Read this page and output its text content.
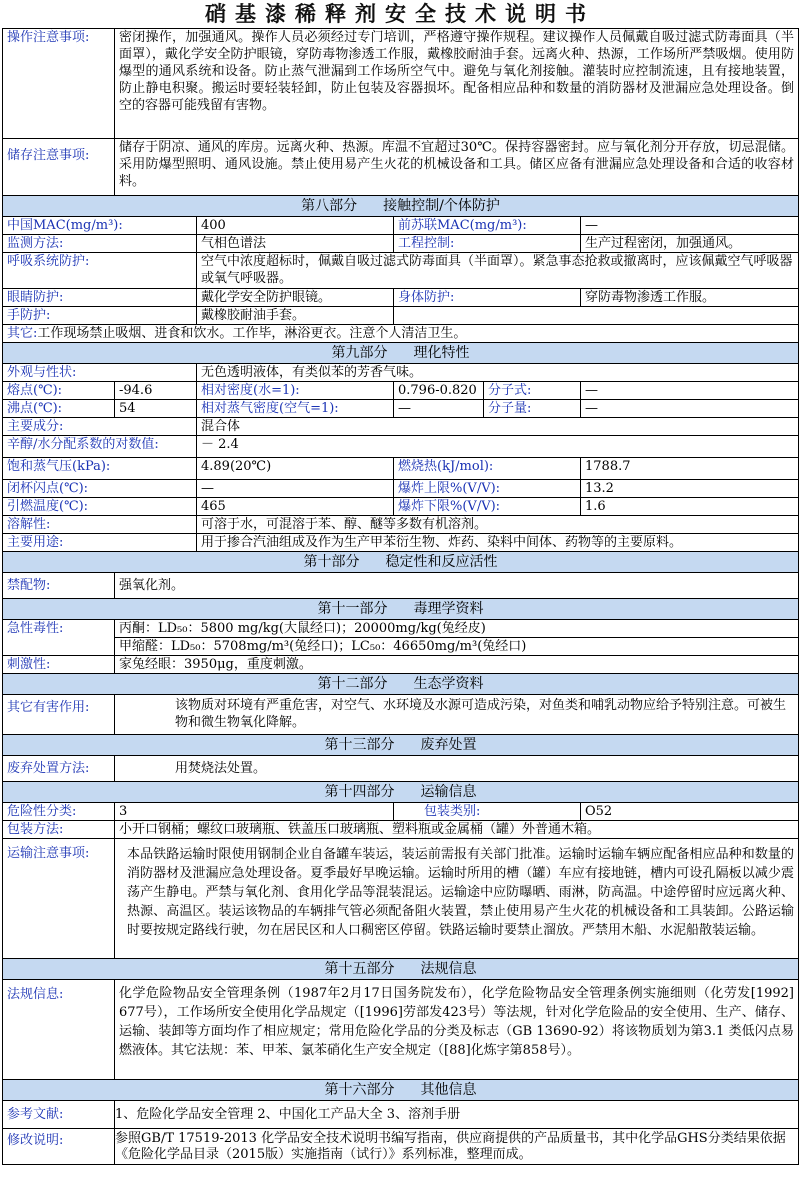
硝基漆稀释剂安全技术说明书
操作注意事项:	密闭操作，加强通风。操作人员必须经过专门培训，严格遵守操作规程。建议操作人员佩戴自吸过滤式防毒面具（半面罩），戴化学安全防护眼镜，穿防毒物渗透工作服，戴橡胶耐油手套。远离火种、热源，工作场所严禁吸烟。使用防爆型的通风系统和设备。防止蒸气泄漏到工作场所空气中。避免与氧化剂接触。灌装时应控制流速，且有接地装置，防止静电积聚。搬运时要轻装轻卸，防止包装及容器损坏。配备相应品种和数量的消防器材及泄漏应急处理设备。倒空的容器可能残留有害物。				
储存注意事项:	储存于阴凉、通风的库房。远离火种、热源。库温不宜超过30℃。保持容器密封。应与氧化剂分开存放，切忌混储。采用防爆型照明、通风设施。禁止使用易产生火花的机械设备和工具。储区应备有泄漏应急处理设备和合适的收容材料。				
第八部分 接触控制/个体防护					
中国MAC(mg/m³):		400	前苏联MAC(mg/m³):		—
监测方法:		气相色谱法	工程控制:		生产过程密闭，加强通风。
呼吸系统防护:		空气中浓度超标时，佩戴自吸过滤式防毒面具（半面罩）。紧急事态抢救或撤离时，应该佩戴空气呼吸器或氧气呼吸器。			
眼睛防护:		戴化学安全防护眼镜。	身体防护:		穿防毒物渗透工作服。
手防护:		戴橡胶耐油手套。			
其它:工作现场禁止吸烟、进食和饮水。工作毕，淋浴更衣。注意个人清洁卫生。					
第九部分 理化特性					
外观与性状:		无色透明液体，有类似苯的芳香气味。			
熔点(℃):	-94.6	相对密度(水=1):	0.796-0.820	分子式:	—
沸点(℃):	54	相对蒸气密度(空气=1):	—	分子量:	—
主要成分:		混合体			
辛醇/水分配系数的对数值:		－ 2.4			
饱和蒸气压(kPa):		4.89(20℃)	燃烧热(kJ/mol):		1788.7
闭杯闪点(℃):		—	爆炸上限%(V/V):		13.2
引燃温度(℃):		465	爆炸下限%(V/V):		1.6
溶解性:		可溶于水，可混溶于苯、醇、醚等多数有机溶剂。			
主要用途:		用于掺合汽油组成及作为生产甲苯衍生物、炸药、染料中间体、药物等的主要原料。			
第十部分 稳定性和反应活性					
禁配物:	强氧化剂。				
第十一部分 毒理学资料					
急性毒性:	丙酮：LD₅₀：5800 mg/kg(大鼠经口)；20000mg/kg(兔经皮)				
	甲缩醛：LD₅₀：5708mg/m³(兔经口)；LC₅₀：46650mg/m³(兔经口)				
刺激性:	家兔经眼：3950μg，重度刺激。				
第十二部分 生态学资料					
其它有害作用:	该物质对环境有严重危害，对空气、水环境及水源可造成污染，对鱼类和哺乳动物应给予特别注意。可被生物和微生物氧化降解。				
第十三部分 废弃处置					
废弃处置方法:	用焚烧法处置。				
第十四部分 运输信息					
危险性分类:	3		包装类别:		O52
包装方法:	小开口钢桶；螺纹口玻璃瓶、铁盖压口玻璃瓶、塑料瓶或金属桶（罐）外普通木箱。				
运输注意事项:	本品铁路运输时限使用钢制企业自备罐车装运，装运前需报有关部门批准。运输时运输车辆应配备相应品种和数量的消防器材及泄漏应急处理设备。夏季最好早晚运输。运输时所用的槽（罐）车应有接地链，槽内可设孔隔板以减少震荡产生静电。严禁与氧化剂、食用化学品等混装混运。运输途中应防曝晒、雨淋，防高温。中途停留时应远离火种、热源、高温区。装运该物品的车辆排气管必须配备阻火装置，禁止使用易产生火花的机械设备和工具装卸。公路运输时要按规定路线行驶，勿在居民区和人口稠密区停留。铁路运输时要禁止溜放。严禁用木船、水泥船散装运输。				
第十五部分 法规信息					
法规信息:	化学危险物品安全管理条例（1987年2月17日国务院发布），化学危险物品安全管理条例实施细则（化劳发[1992] 677号），工作场所安全使用化学品规定（[1996]劳部发423号）等法规，针对化学危险品的安全使用、生产、储存、运输、装卸等方面均作了相应规定；常用危险化学品的分类及标志（GB 13690-92）将该物质划为第3.1 类低闪点易燃液体。其它法规：苯、甲苯、氯苯硝化生产安全规定（[88]化炼字第858号）。				
第十六部分 其他信息					
参考文献:	1、危险化学品安全管理 2、中国化工产品大全 3、溶剂手册				
修改说明:	参照GB/T 17519-2013 化学品安全技术说明书编写指南，供应商提供的产品质量书，其中化学品GHS分类结果依据《危险化学品目录（2015版）实施指南（试行）》系列标准，整理而成。				
